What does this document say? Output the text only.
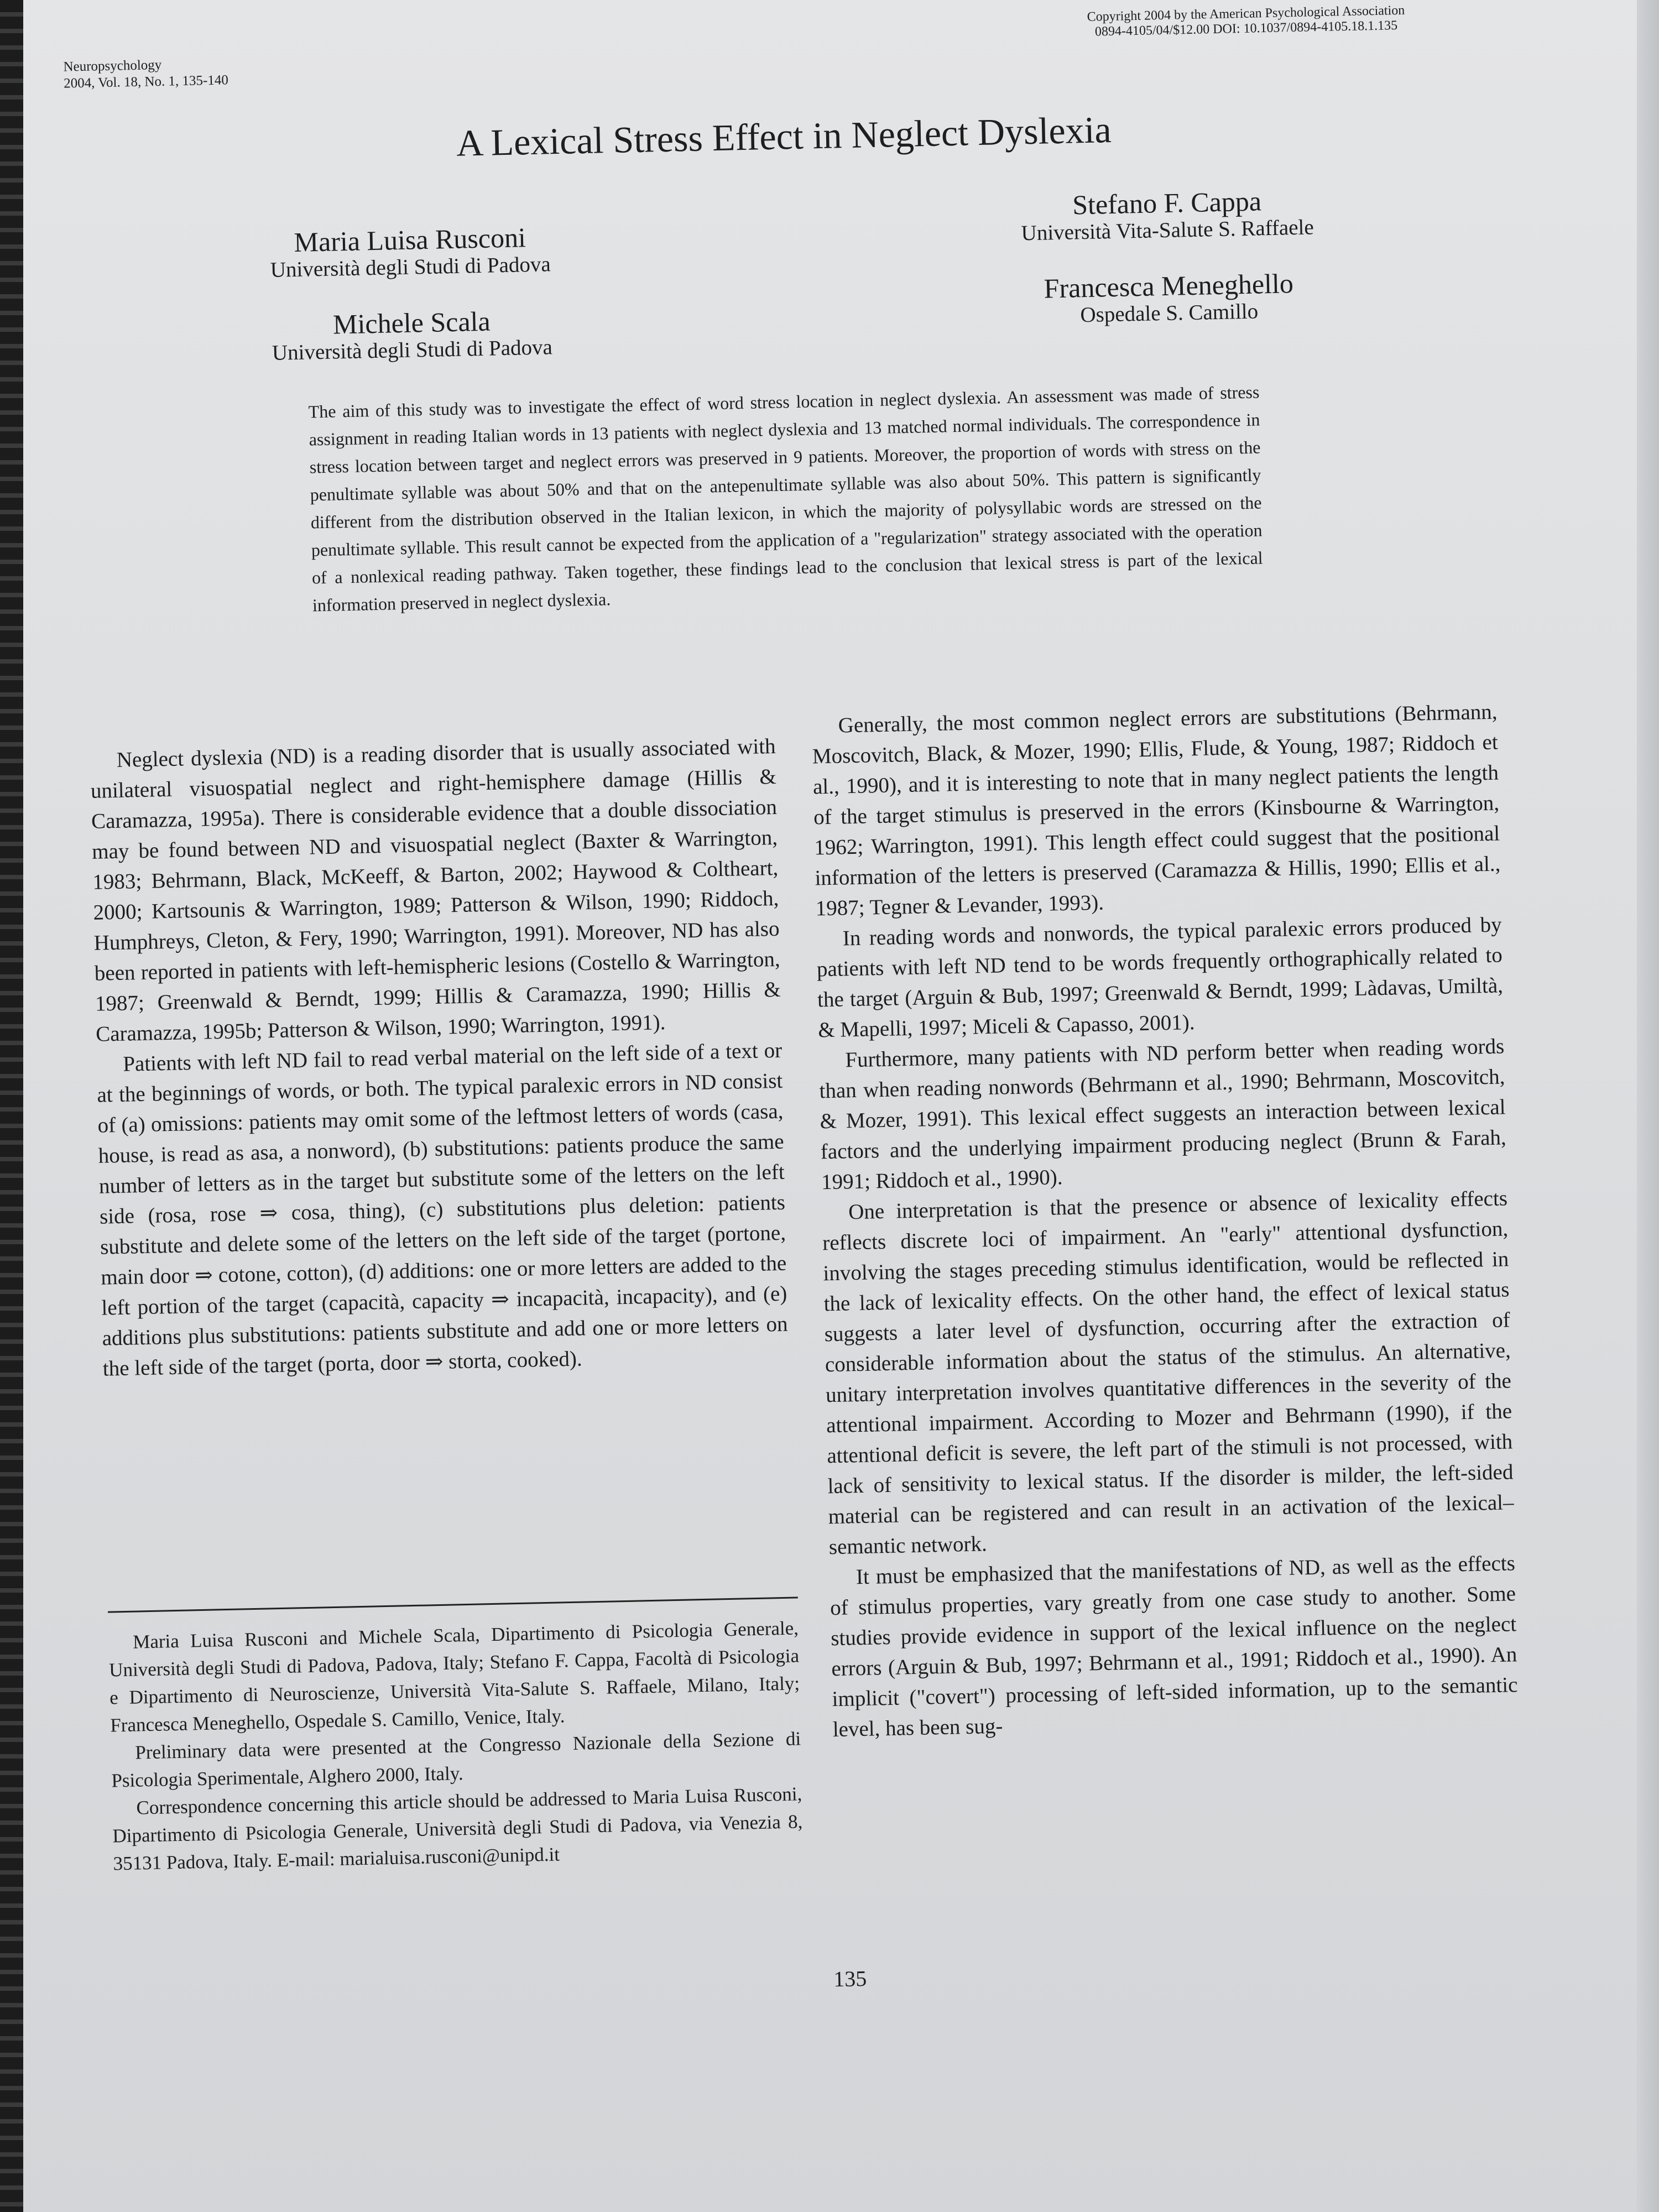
Neuropsychology
2004, Vol. 18, No. 1, 135-140
Copyright 2004 by the American Psychological Association
0894-4105/04/$12.00 DOI: 10.1037/0894-4105.18.1.135
A Lexical Stress Effect in Neglect Dyslexia
Maria Luisa Rusconi
Università degli Studi di Padova
Michele Scala
Università degli Studi di Padova
Stefano F. Cappa
Università Vita-Salute S. Raffaele
Francesca Meneghello
Ospedale S. Camillo

The aim of this study was to investigate the effect of word stress location in neglect dyslexia. An assessment was made of stress assignment in reading Italian words in 13 patients with neglect dyslexia and 13 matched normal individuals. The correspondence in stress location between target and neglect errors was preserved in 9 patients. Moreover, the proportion of words with stress on the penultimate syllable was about 50% and that on the antepenultimate syllable was also about 50%. This pattern is significantly different from the distribution observed in the Italian lexicon, in which the majority of polysyllabic words are stressed on the penultimate syllable. This result cannot be expected from the application of a "regularization" strategy associated with the operation of a nonlexical reading pathway. Taken together, these findings lead to the conclusion that lexical stress is part of the lexical information preserved in neglect dyslexia.

Neglect dyslexia (ND) is a reading disorder that is usually associated with unilateral visuospatial neglect and right-hemisphere damage (Hillis & Caramazza, 1995a). There is considerable evidence that a double dissociation may be found between ND and visuospatial neglect (Baxter & Warrington, 1983; Behrmann, Black, McKeeff, & Barton, 2002; Haywood & Coltheart, 2000; Kartsounis & Warrington, 1989; Patterson & Wilson, 1990; Riddoch, Humphreys, Cleton, & Fery, 1990; Warrington, 1991). Moreover, ND has also been reported in patients with left-hemispheric lesions (Costello & Warrington, 1987; Greenwald & Berndt, 1999; Hillis & Caramazza, 1990; Hillis & Caramazza, 1995b; Patterson & Wilson, 1990; Warrington, 1991).

Patients with left ND fail to read verbal material on the left side of a text or at the beginnings of words, or both. The typical paralexic errors in ND consist of (a) omissions: patients may omit some of the leftmost letters of words (casa, house, is read as asa, a nonword), (b) substitutions: patients produce the same number of letters as in the target but substitute some of the letters on the left side (rosa, rose ⇒ cosa, thing), (c) substitutions plus deletion: patients substitute and delete some of the letters on the left side of the target (portone, main door ⇒ cotone, cotton), (d) additions: one or more letters are added to the left portion of the target (capacità, capacity ⇒ incapacità, incapacity), and (e) additions plus substitutions: patients substitute and add one or more letters on the left side of the target (porta, door ⇒ storta, cooked).

Generally, the most common neglect errors are substitutions (Behrmann, Moscovitch, Black, & Mozer, 1990; Ellis, Flude, & Young, 1987; Riddoch et al., 1990), and it is interesting to note that in many neglect patients the length of the target stimulus is preserved in the errors (Kinsbourne & Warrington, 1962; Warrington, 1991). This length effect could suggest that the positional information of the letters is preserved (Caramazza & Hillis, 1990; Ellis et al., 1987; Tegner & Levander, 1993).

In reading words and nonwords, the typical paralexic errors produced by patients with left ND tend to be words frequently orthographically related to the target (Arguin & Bub, 1997; Greenwald & Berndt, 1999; Làdavas, Umiltà, & Mapelli, 1997; Miceli & Capasso, 2001).

Furthermore, many patients with ND perform better when reading words than when reading nonwords (Behrmann et al., 1990; Behrmann, Moscovitch, & Mozer, 1991). This lexical effect suggests an interaction between lexical factors and the underlying impairment producing neglect (Brunn & Farah, 1991; Riddoch et al., 1990).

One interpretation is that the presence or absence of lexicality effects reflects discrete loci of impairment. An "early" attentional dysfunction, involving the stages preceding stimulus identification, would be reflected in the lack of lexicality effects. On the other hand, the effect of lexical status suggests a later level of dysfunction, occurring after the extraction of considerable information about the status of the stimulus. An alternative, unitary interpretation involves quantitative differences in the severity of the attentional impairment. According to Mozer and Behrmann (1990), if the attentional deficit is severe, the left part of the stimuli is not processed, with lack of sensitivity to lexical status. If the disorder is milder, the left-sided material can be registered and can result in an activation of the lexical–semantic network.

It must be emphasized that the manifestations of ND, as well as the effects of stimulus properties, vary greatly from one case study to another. Some studies provide evidence in support of the lexical influence on the neglect errors (Arguin & Bub, 1997; Behrmann et al., 1991; Riddoch et al., 1990). An implicit ("covert") processing of left-sided information, up to the semantic level, has been sug-

Maria Luisa Rusconi and Michele Scala, Dipartimento di Psicologia Generale, Università degli Studi di Padova, Padova, Italy; Stefano F. Cappa, Facoltà di Psicologia e Dipartimento di Neuroscienze, Università Vita-Salute S. Raffaele, Milano, Italy; Francesca Meneghello, Ospedale S. Camillo, Venice, Italy.

Preliminary data were presented at the Congresso Nazionale della Sezione di Psicologia Sperimentale, Alghero 2000, Italy.

Correspondence concerning this article should be addressed to Maria Luisa Rusconi, Dipartimento di Psicologia Generale, Università degli Studi di Padova, via Venezia 8, 35131 Padova, Italy. E-mail: marialuisa.rusconi@unipd.it

135
